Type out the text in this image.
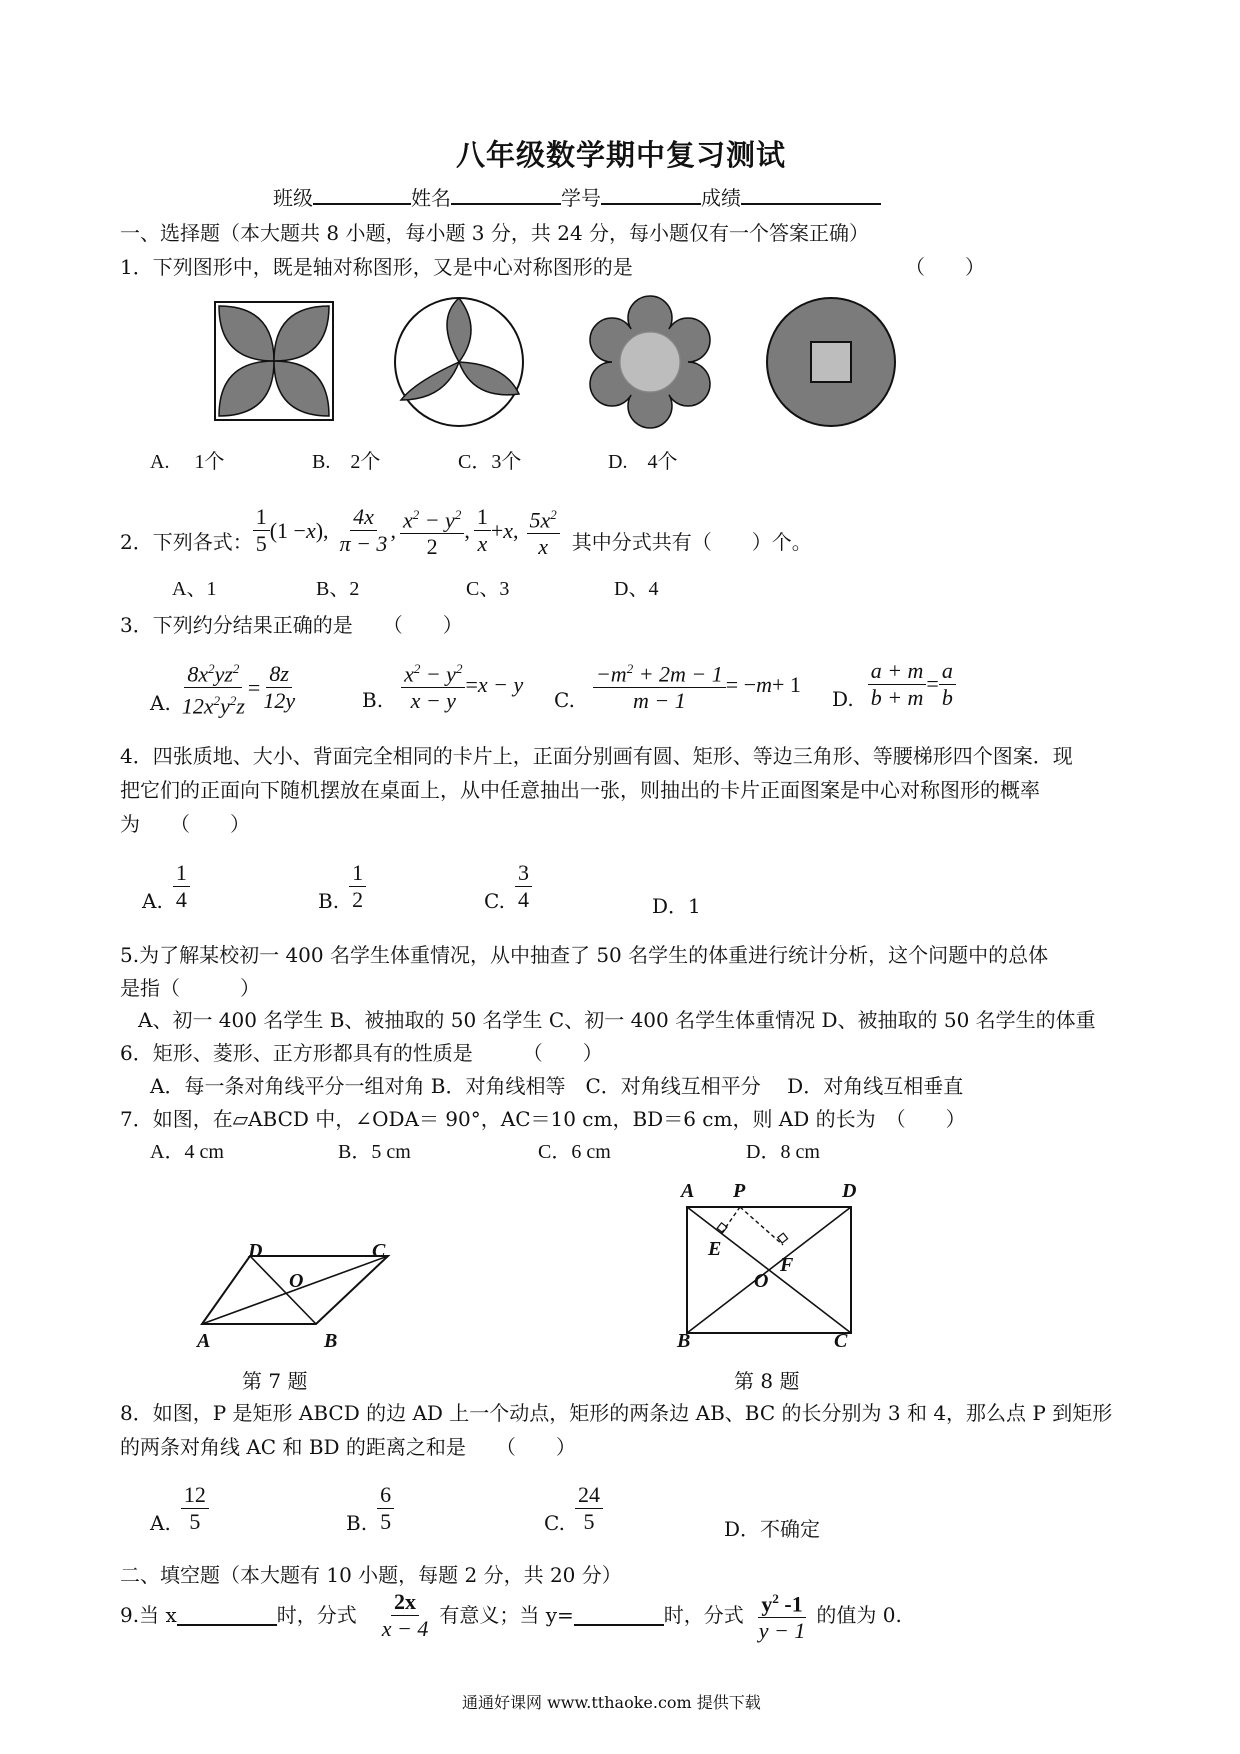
八年级数学期中复习测试
班级	姓名	学号	成绩
一、选择题（本大题共 8 小题，每小题 3 分，共 24 分，每小题仅有一个答案正确）
1．下列图形中，既是轴对称图形，又是中心对称图形的是	（　　）
A.　 1个	B.　2个	C．3个	D.　4个
2．下列各式： $\frac{1}{5} (1 - x$ ), $\frac{4x}{\pi - 3}$ , $\frac{x^2 - y^2}{2}$ , $\frac{1}{x} + x$ , $\frac{5x^2}{x}$ 其中分式共有（　　）个。
A、1	B、2	C、3	D、4
3．下列约分结果正确的是　　（　　）
A. $\frac{8x^2yz^2}{12x^2y^2z} = \frac{8z}{12y}$	B. $\frac{x^2 - y^2}{x - y} = x - y$
C. $\frac{-m^2 + 2m - 1}{m - 1}$ = − m + 1
D. $\frac{a + m}{b + m} = \frac{a}{b}$
4．四张质地、大小、背面完全相同的卡片上，正面分别画有圆、矩形、等边三角形、等腰梯形四个图案．现
把它们的正面向下随机摆放在桌面上，从中任意抽出一张，则抽出的卡片正面图案是中心对称图形的概率
为　　（　　）
A. $\frac{1}{4}$	B. $\frac{1}{2}$	C. $\frac{3}{4}$	D．1
5.为了解某校初一 400 名学生体重情况，从中抽查了 50 名学生的体重进行统计分析，这个问题中的总体
是指（　　　）
A、初一 400 名学生 B、被抽取的 50 名学生 C、初一 400 名学生体重情况 D、被抽取的 50 名学生的体重
6．矩形、菱形、正方形都具有的性质是　　　（　　）
A．每一条对角线平分一组对角 B．对角线相等　C．对角线互相平分　 D．对角线互相垂直
7．如图，在▱ABCD 中，∠ODA＝ 90°，AC＝10 cm，BD＝6 cm，则 AD 的长为　（　　）
A．4 cm	B．5 cm	C．6 cm	D．8 cm
D	C
O
A	B
第 7 题
A P	D
E
F
O
B	C
第 8 题
8．如图，P 是矩形 ABCD 的边 AD 上一个动点，矩形的两条边 AB、BC 的长分别为 3 和 4，那么点 P 到矩形
的两条对角线 AC 和 BD 的距离之和是　　（　　）
A. $\frac{12}{5}$	B. $\frac{6}{5}$	C. $\frac{24}{5}$	D．不确定
二、填空题（本大题有 10 小题，每题 2 分，共 20 分）
9.当 x	时，分式 $\frac{2x}{x - 4}$ 有意义；当 y=	时，分式 $\frac{y^2 -1}{y - 1}$ 的值为 0.
通通好课网 www.tthaoke.com 提供下载
